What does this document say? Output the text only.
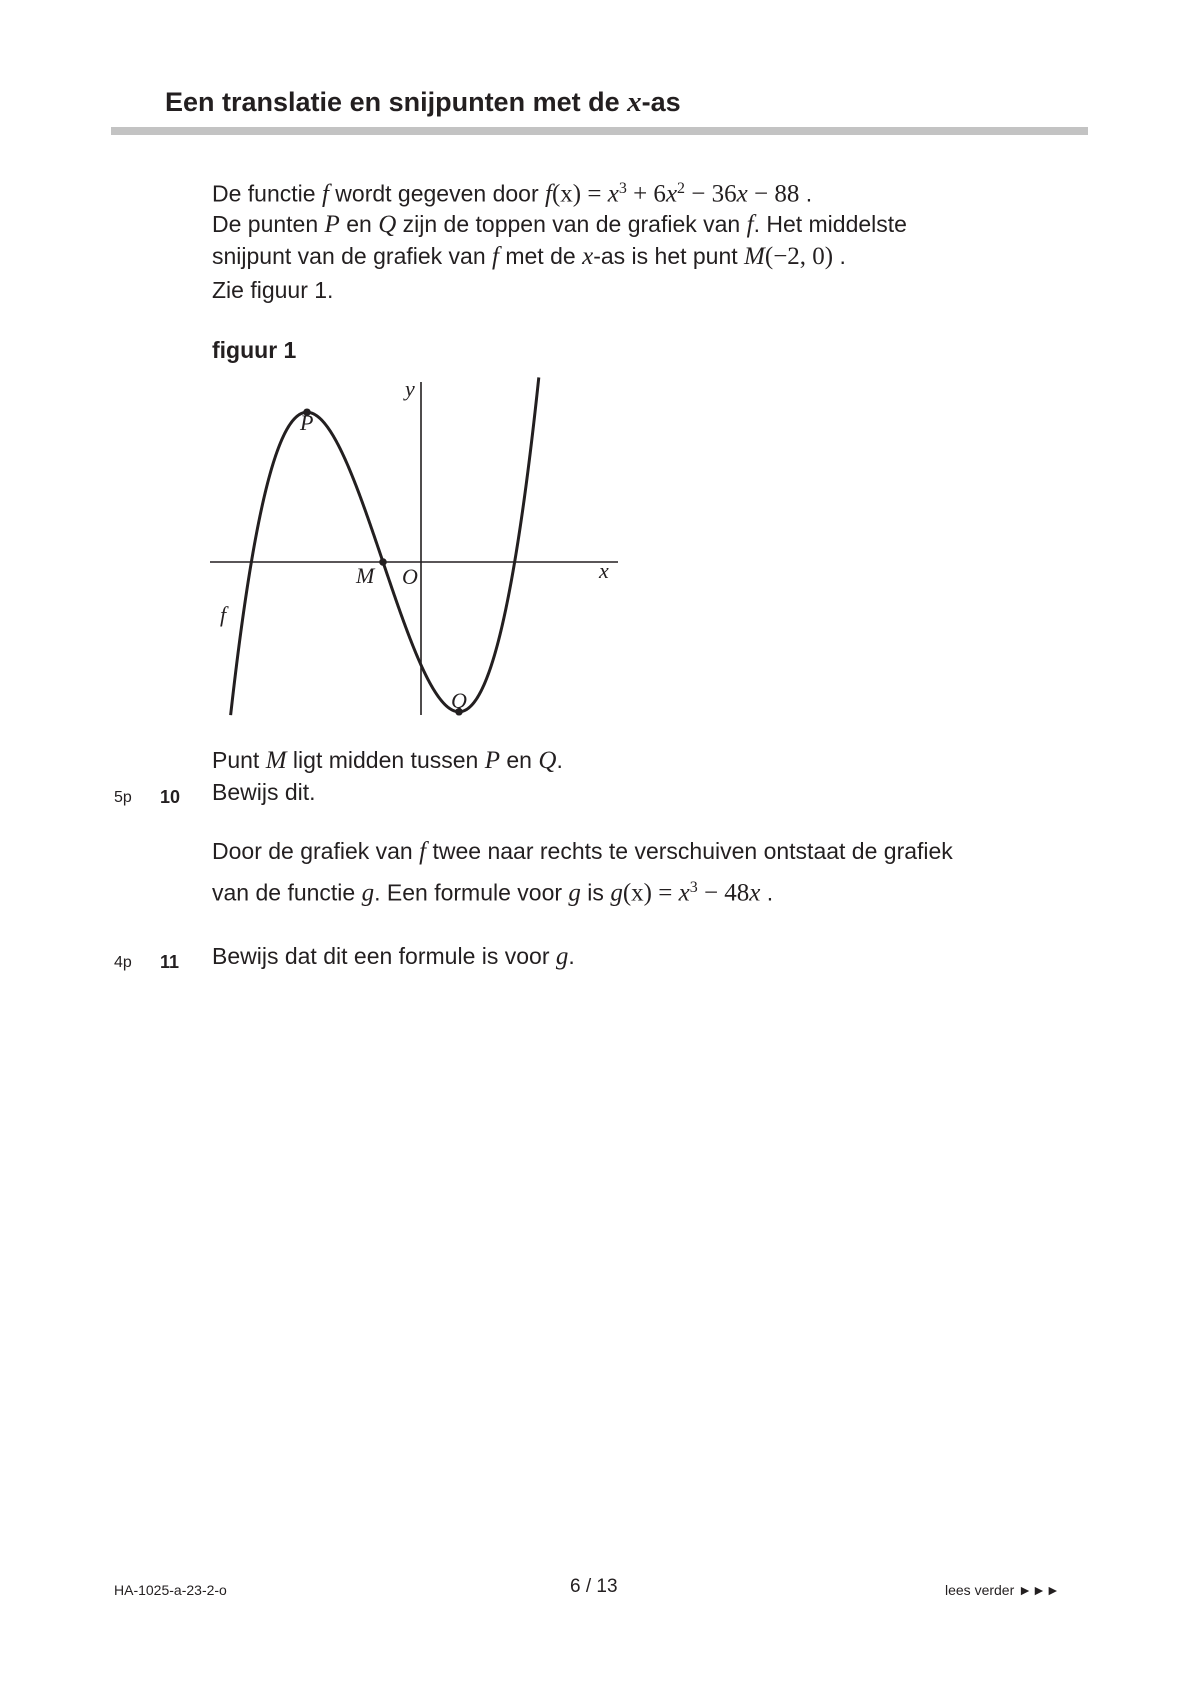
Een translatie en snijpunten met de x-as
De functie f wordt gegeven door $f(x) = x^3 + 6x^2 - 36x - 88$ .
De punten P en Q zijn de toppen van de grafiek van f. Het middelste
snijpunt van de grafiek van f met de x-as is het punt M(−2, 0) .
Zie figuur 1.
figuur 1
y
x
P
M O
Q
f
Punt M ligt midden tussen P en Q.
5p 10 Bewijs dit.
Door de grafiek van f twee naar rechts te verschuiven ontstaat de grafiek
van de functie g. Een formule voor g is $g(x) = x^3 - 48x$ .
4p 11 Bewijs dat dit een formule is voor g.
HA-1025-a-23-2-o	6 / 13	lees verder ►►►
